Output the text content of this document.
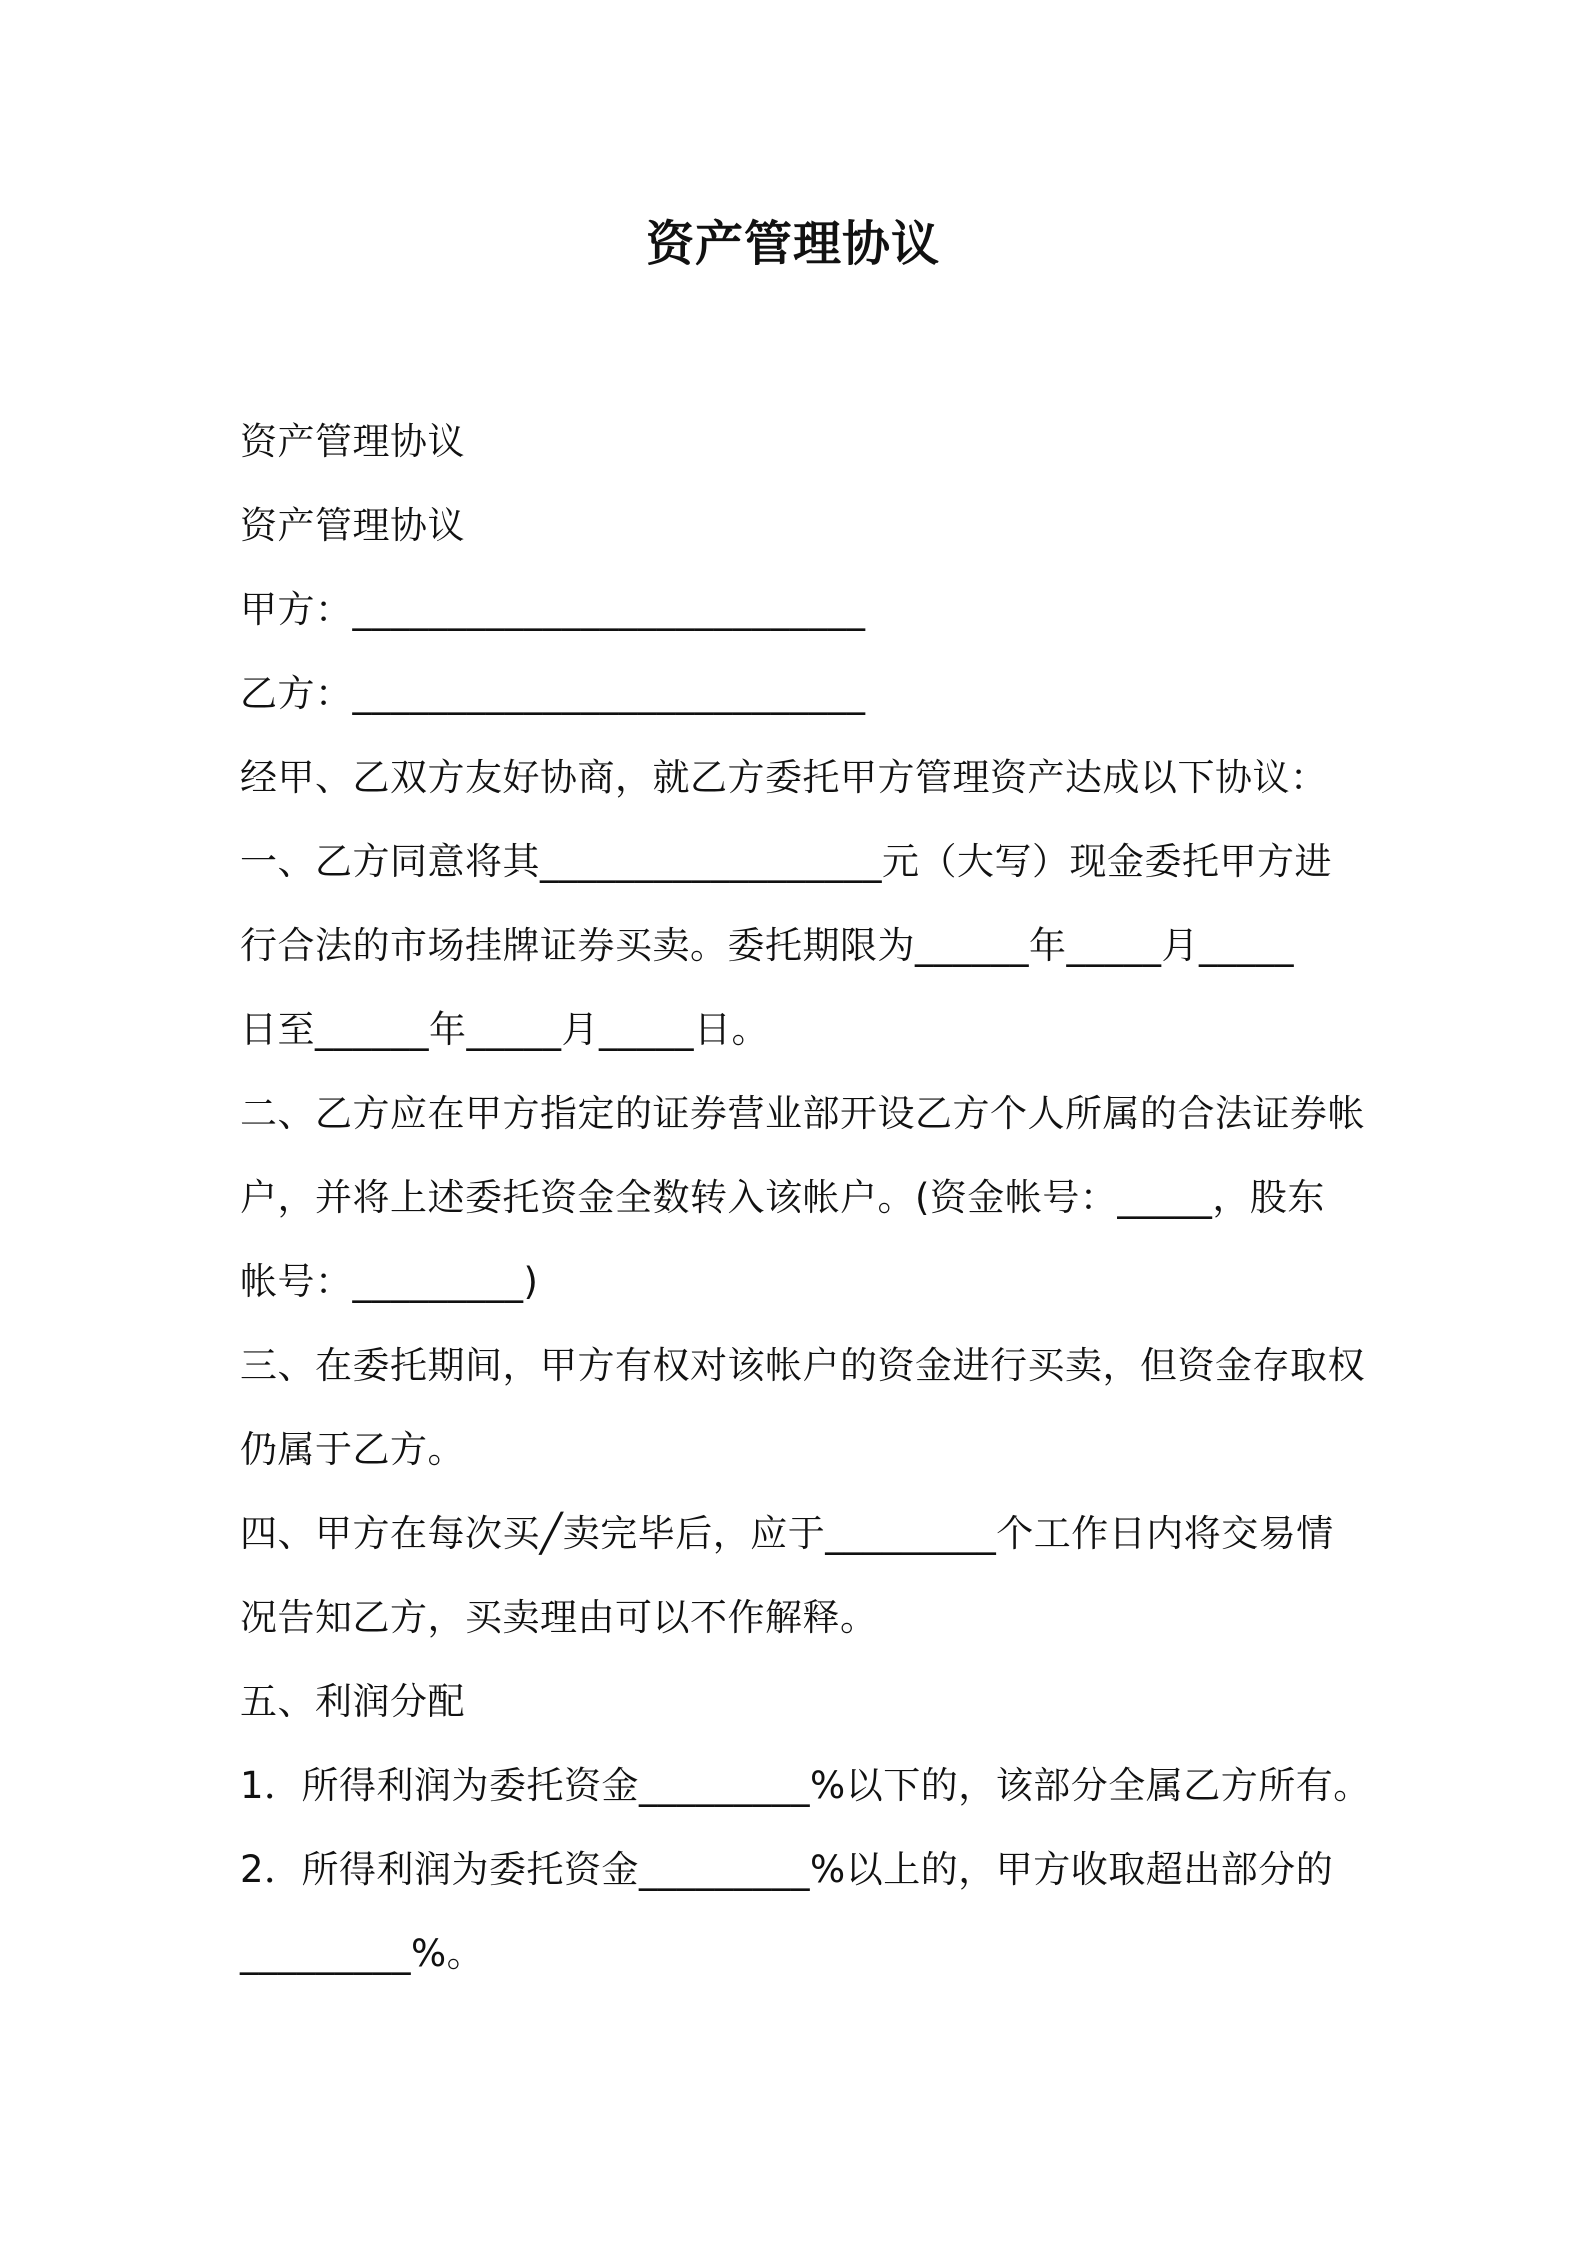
资产管理协议
资产管理协议
资产管理协议
甲方：___________________________
乙方：___________________________
经甲、乙双方友好协商，就乙方委托甲方管理资产达成以下协议：
一、乙方同意将其__________________元（大写）现金委托甲方进
行合法的市场挂牌证券买卖。委托期限为______年_____月_____
日至______年_____月_____日。
二、乙方应在甲方指定的证券营业部开设乙方个人所属的合法证券帐
户，并将上述委托资金全数转入该帐户。(资金帐号：_____，股东
帐号：_________)
三、在委托期间，甲方有权对该帐户的资金进行买卖，但资金存取权
仍属于乙方。
四、甲方在每次买╱卖完毕后，应于_________个工作日内将交易情
况告知乙方，买卖理由可以不作解释。
五、利润分配
1．所得利润为委托资金_________%以下的，该部分全属乙方所有。
2．所得利润为委托资金_________%以上的，甲方收取超出部分的
_________%。
